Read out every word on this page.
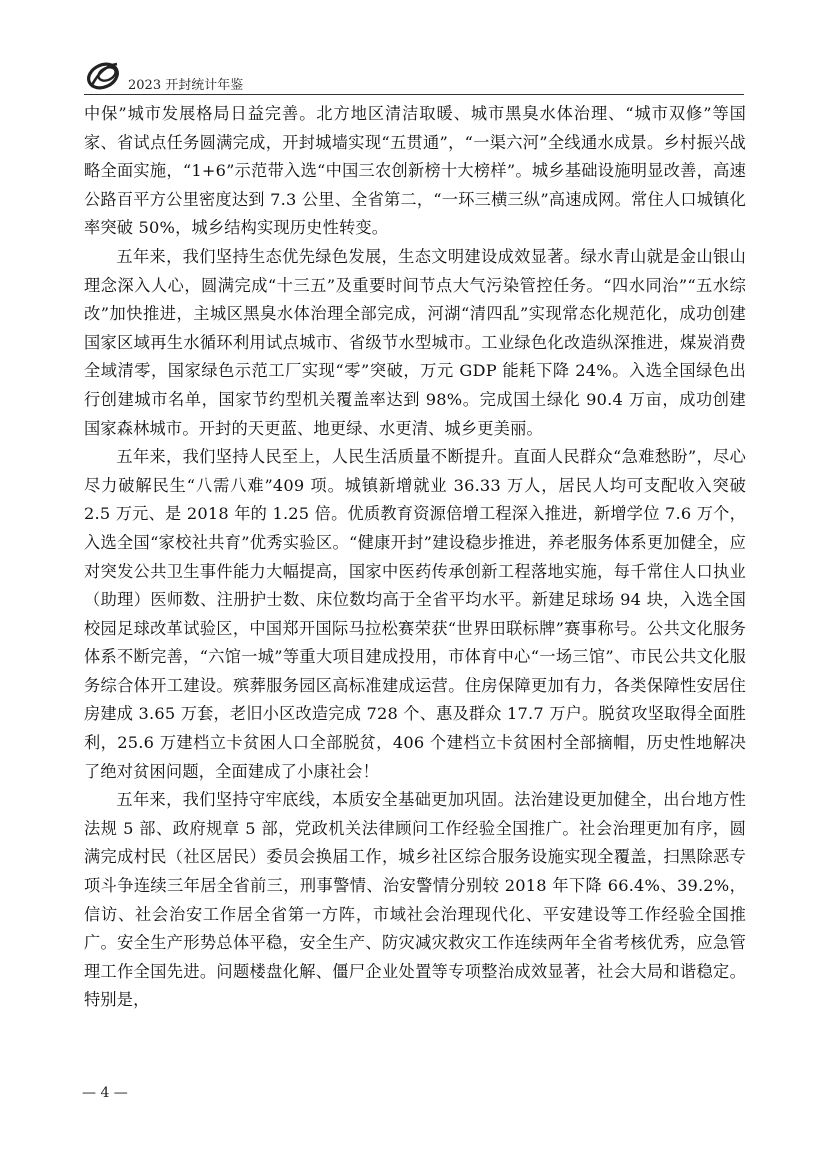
2023 开封统计年鉴

中保”城市发展格局日益完善。北方地区清洁取暖、城市黑臭水体治理、“城市双修”等国家、省试点任务圆满完成，开封城墙实现“五贯通”，“一渠六河”全线通水成景。乡村振兴战略全面实施，“1+6”示范带入选“中国三农创新榜十大榜样”。城乡基础设施明显改善，高速公路百平方公里密度达到 7.3 公里、全省第二，“一环三横三纵”高速成网。常住人口城镇化率突破 50%，城乡结构实现历史性转变。

五年来，我们坚持生态优先绿色发展，生态文明建设成效显著。绿水青山就是金山银山理念深入人心，圆满完成“十三五”及重要时间节点大气污染管控任务。“四水同治”“五水综改”加快推进，主城区黑臭水体治理全部完成，河湖“清四乱”实现常态化规范化，成功创建国家区域再生水循环利用试点城市、省级节水型城市。工业绿色化改造纵深推进，煤炭消费全域清零，国家绿色示范工厂实现“零”突破，万元 GDP 能耗下降 24%。入选全国绿色出行创建城市名单，国家节约型机关覆盖率达到 98%。完成国土绿化 90.4 万亩，成功创建国家森林城市。开封的天更蓝、地更绿、水更清、城乡更美丽。

五年来，我们坚持人民至上，人民生活质量不断提升。直面人民群众“急难愁盼”，尽心尽力破解民生“八需八难”409 项。城镇新增就业 36.33 万人，居民人均可支配收入突破 2.5 万元、是 2018 年的 1.25 倍。优质教育资源倍增工程深入推进，新增学位 7.6 万个，入选全国“家校社共育”优秀实验区。“健康开封”建设稳步推进，养老服务体系更加健全，应对突发公共卫生事件能力大幅提高，国家中医药传承创新工程落地实施，每千常住人口执业（助理）医师数、注册护士数、床位数均高于全省平均水平。新建足球场 94 块，入选全国校园足球改革试验区，中国郑开国际马拉松赛荣获“世界田联标牌”赛事称号。公共文化服务体系不断完善，“六馆一城”等重大项目建成投用，市体育中心“一场三馆”、市民公共文化服务综合体开工建设。殡葬服务园区高标准建成运营。住房保障更加有力，各类保障性安居住房建成 3.65 万套，老旧小区改造完成 728 个、惠及群众 17.7 万户。脱贫攻坚取得全面胜利，25.6 万建档立卡贫困人口全部脱贫，406 个建档立卡贫困村全部摘帽，历史性地解决了绝对贫困问题，全面建成了小康社会！

五年来，我们坚持守牢底线，本质安全基础更加巩固。法治建设更加健全，出台地方性法规 5 部、政府规章 5 部，党政机关法律顾问工作经验全国推广。社会治理更加有序，圆满完成村民（社区居民）委员会换届工作，城乡社区综合服务设施实现全覆盖，扫黑除恶专项斗争连续三年居全省前三，刑事警情、治安警情分别较 2018 年下降 66.4%、39.2%，信访、社会治安工作居全省第一方阵，市域社会治理现代化、平安建设等工作经验全国推广。安全生产形势总体平稳，安全生产、防灾减灾救灾工作连续两年全省考核优秀，应急管理工作全国先进。问题楼盘化解、僵尸企业处置等专项整治成效显著，社会大局和谐稳定。特别是，

— 4 —
